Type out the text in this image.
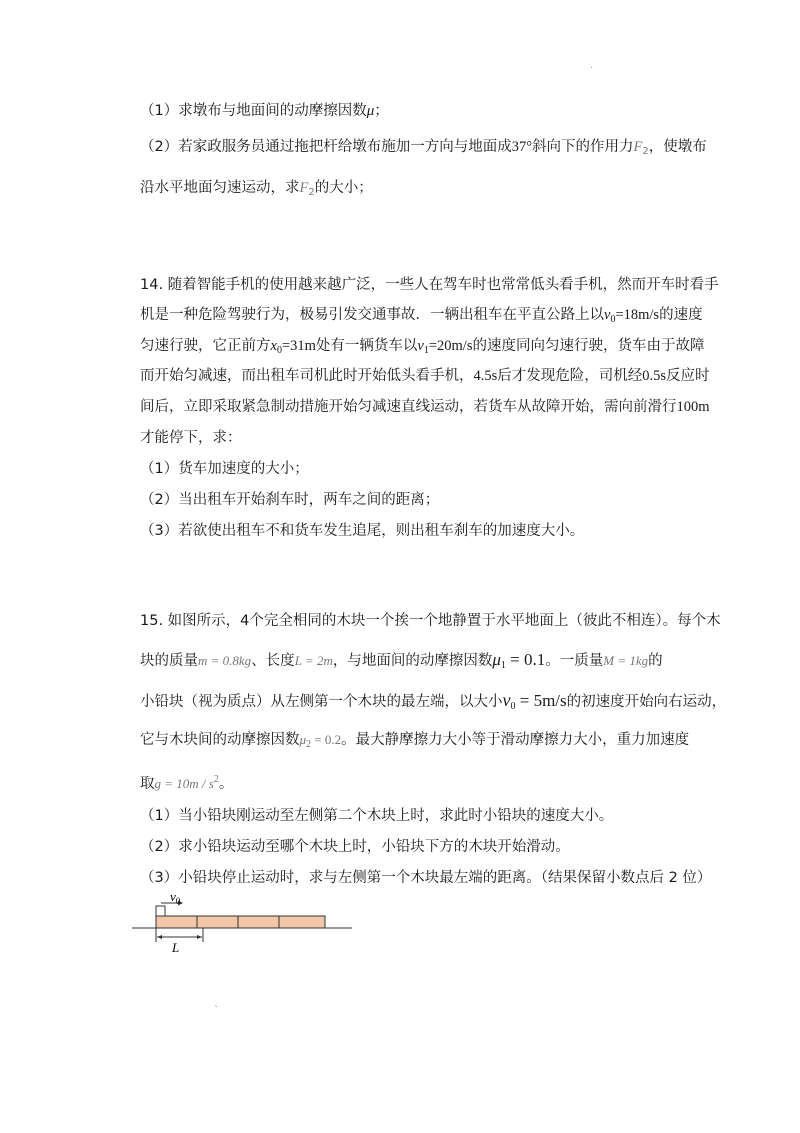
.
（1）求墩布与地面间的动摩擦因数μ；
（2）若家政服务员通过拖把杆给墩布施加一方向与地面成37°斜向下的作用力$F_2$，使墩布
沿水平地面匀速运动，求$F_2$的大小；
14. 随着智能手机的使用越来越广泛，一些人在驾车时也常常低头看手机，然而开车时看手
机是一种危险驾驶行为，极易引发交通事故．一辆出租车在平直公路上以$v_0=18m/s$的速度
匀速行驶，它正前方$x_0=31m$处有一辆货车以$v_1=20m/s$的速度同向匀速行驶，货车由于故障
而开始匀减速，而出租车司机此时开始低头看手机，4.5s后才发现危险，司机经0.5s反应时
间后，立即采取紧急制动措施开始匀减速直线运动，若货车从故障开始，需向前滑行100m
才能停下，求：
（1）货车加速度的大小；
（2）当出租车开始刹车时，两车之间的距离；
（3）若欲使出租车不和货车发生追尾，则出租车刹车的加速度大小。
15. 如图所示，4个完全相同的木块一个挨一个地静置于水平地面上（彼此不相连）。每个木
块的质量m = 0.8kg、长度L = 2m，与地面间的动摩擦因数$\mu_1 = 0.1$。一质量M = 1kg的
小铅块（视为质点）从左侧第一个木块的最左端，以大小$v_0 = 5m/s$的初速度开始向右运动，
它与木块间的动摩擦因数$\mu_2 = 0.2$。最大静摩擦力大小等于滑动摩擦力大小，重力加速度
取$g = 10m / s^2$。
（1）当小铅块刚运动至左侧第二个木块上时，求此时小铅块的速度大小。
（2）求小铅块运动至哪个木块上时，小铅块下方的木块开始滑动。
（3）小铅块停止运动时，求与左侧第一个木块最左端的距离。（结果保留小数点后 2 位）
$v_0$
L
`
